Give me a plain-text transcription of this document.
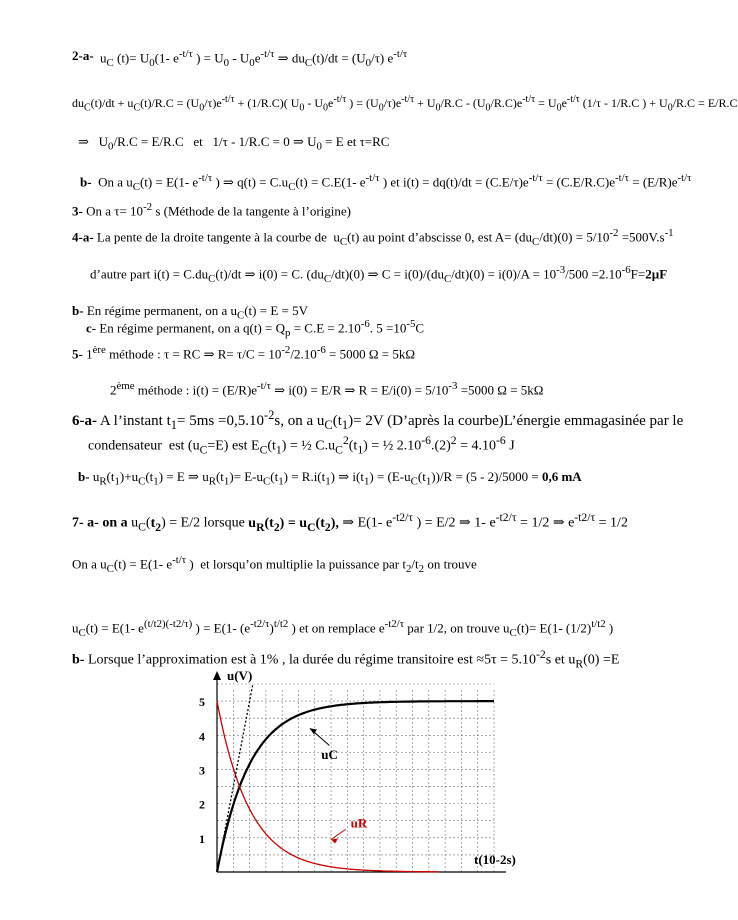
2-a- $u_C$ $(t)= U_0(1-$ $e^{-t/\tau}$ ) = $U_0 - U_0e^{-t/\tau}$ ⇒ $du_C(t)/dt = (U_0/\tau)$ $e^{-t/\tau}$
$du_C(t)/dt + u_C(t)/R.C = (U_0/\tau)e^{-t/\tau} + (1/R.C)$( $U_0 - U_0e^{-t/\tau}$ ) = $(U_0/\tau)e^{-t/\tau} + U_0/R.C - (U_0/R.C)e^{-t/\tau} = U_0e^{-t/\tau}$ (1/τ - 1/R.C ) + $U_0/R.C = E/R.C$
⇒   $U_0/R.C = E/R.C$   et   1/τ - 1/R.C = 0 ⇒ $U_0 = E$ et τ=RC
b-  On a $u_C(t) = E(1-$ $e^{-t/\tau}$ ) ⇒ $q(t) = C.u_C(t) = C.E(1-$ $e^{-t/\tau}$ ) et $i(t) = dq(t)/dt = (C.E/\tau)e^{-t/\tau} = (C.E/R.C)e^{-t/\tau} = (E/R)e^{-t/\tau}$
3- On a $\tau= 10^{-2}$ s (Méthode de la tangente à l’origine)
4-a- La pente de la droite tangente à la courbe de  $u_C(t)$ au point d’abscisse 0, est $A= (du_C/dt)(0) = 5/10^{-2} =500V.s^{-1}$
d’autre part $i(t) = C.du_C(t)/dt$ ⇒ i(0) = C. $(du_C/dt)(0)$ ⇒ $C = i(0)/(du_C/dt)(0) = i(0)/A = 10^{-3}/500 =2.10^{-6}F=2\mu F$
b- En régime permanent, on a $u_C(t) = E = 5V$
c- En régime permanent, on a $q(t) = Q_p = C.E = 2.10^{-6}$. $5 =10^{-5}C$
5- 1ère méthode : τ = RC ⇒ $R= \tau/C = 10^{-2}/2.10^{-6} = 5000$ Ω = 5kΩ
2ème méthode : $i(t) = (E/R)e^{-t/\tau}$ ⇒ i(0) = E/R ⇒ $R = E/i(0) = 5/10^{-3} =5000$ Ω = 5kΩ
6-a- A l’instant $t_1= 5ms =0,5.10^{-2}s$, on a $u_C(t_1)= 2V$ (D’après la courbe)L’énergie emmagasinée par le
condensateur  est $(u_C=E)$ est $E_C(t_1)$ = ½ $C.u_C^2(t_1)$ = ½ $2.10^{-6}.(2)^2 = 4.10^{-6}$ J
b- $u_R(t_1)+u_C(t_1) = E$ ⇒ $u_R(t_1)= E-u_C(t_1) = R.i(t_1)$ ⇒ $i(t_1) = (E-u_C(t_1))/R = (5 - 2)/5000 = 0,6$ mA
7- a- on a $u_C(t_2) = E/2$ lorsque $u_R(t_2) = u_C(t_2)$, ⇒ E(1- $e^{-t2/\tau}$ ) = E/2 ⇒ 1- $e^{-t2/\tau} = 1/2$ ⇒ $e^{-t2/\tau} = 1/2$
On a $u_C(t) = E(1-$ $e^{-t/\tau}$ )  et lorsqu’on multiplie la puissance par $t_2/t_2$ on trouve
$u_C(t) = E(1-$ $e^{(t/t2)(-t2/\tau)}$ ) = E(1- $(e^{-t2/\tau})^{t/t2}$ ) et on remplace $e^{-t2/\tau}$ par 1/2, on trouve $u_C(t)= E(1-$ $(1/2)^{t/t2}$ )
b- Lorsque l’approximation est à 1% , la durée du régime transitoire est $\approx 5\tau = 5.10^{-2}s$ et $u_R(0) =E$
1
2
3
4
5
u(V)
t(10-2s)
uC
uR
